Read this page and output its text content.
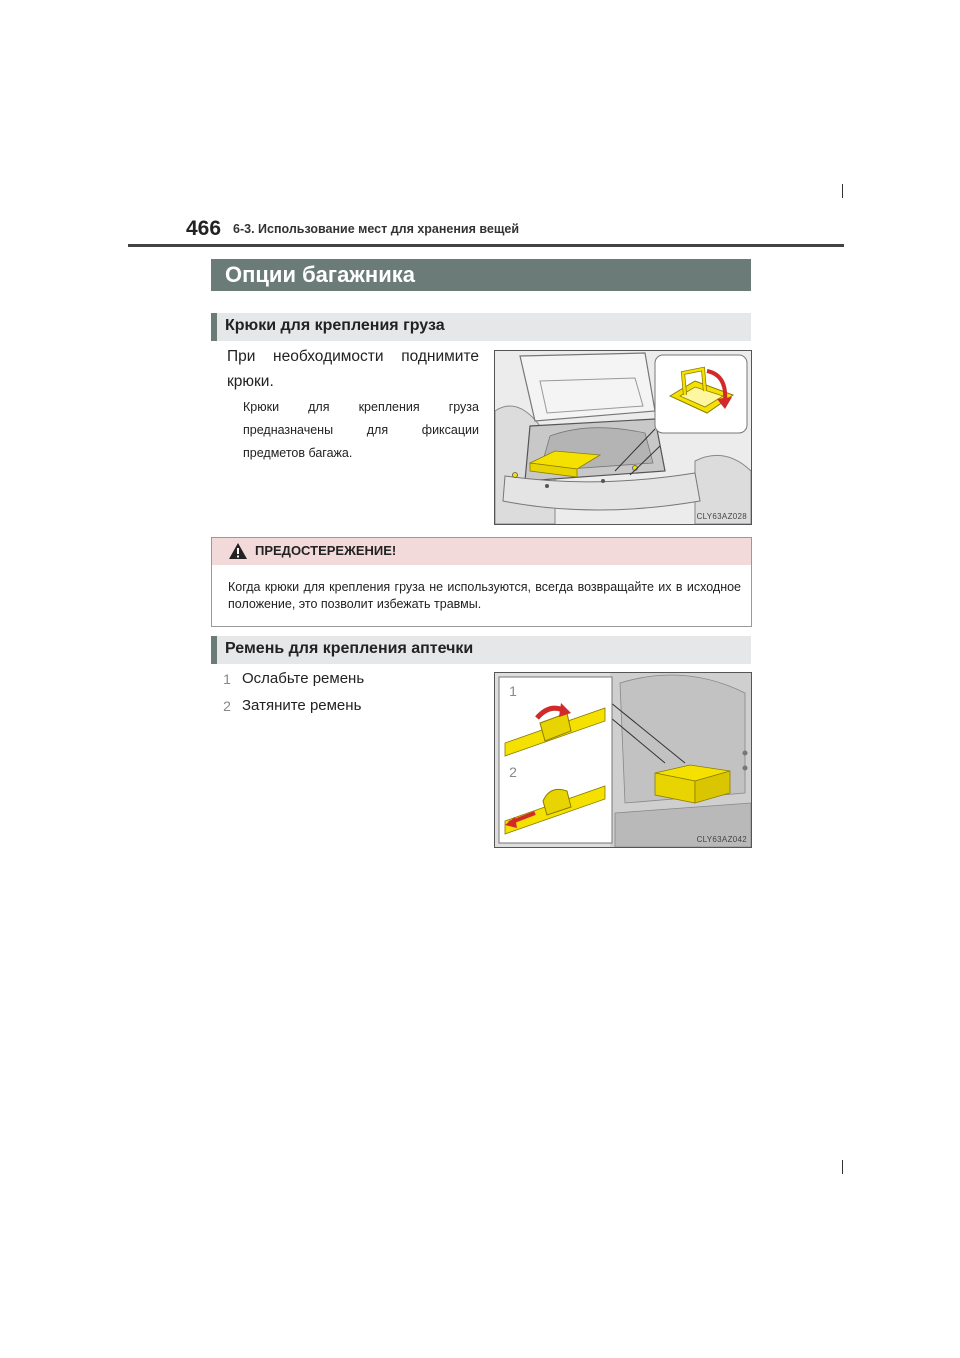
466 6-3. Использование мест для хранения вещей
Опции багажника
Крюки для крепления груза
При необходимости поднимите крюки.
Крюки для крепления груза предназначены для фиксации предметов багажа.
CLY63AZ028
ПРЕДОСТЕРЕЖЕНИЕ!
Когда крюки для крепления груза не используются, всегда возвращайте их в исходное положение, это позволит избежать травмы.
Ремень для крепления аптечки
1 Ослабьте ремень
2 Затяните ремень
1
2
CLY63AZ042
